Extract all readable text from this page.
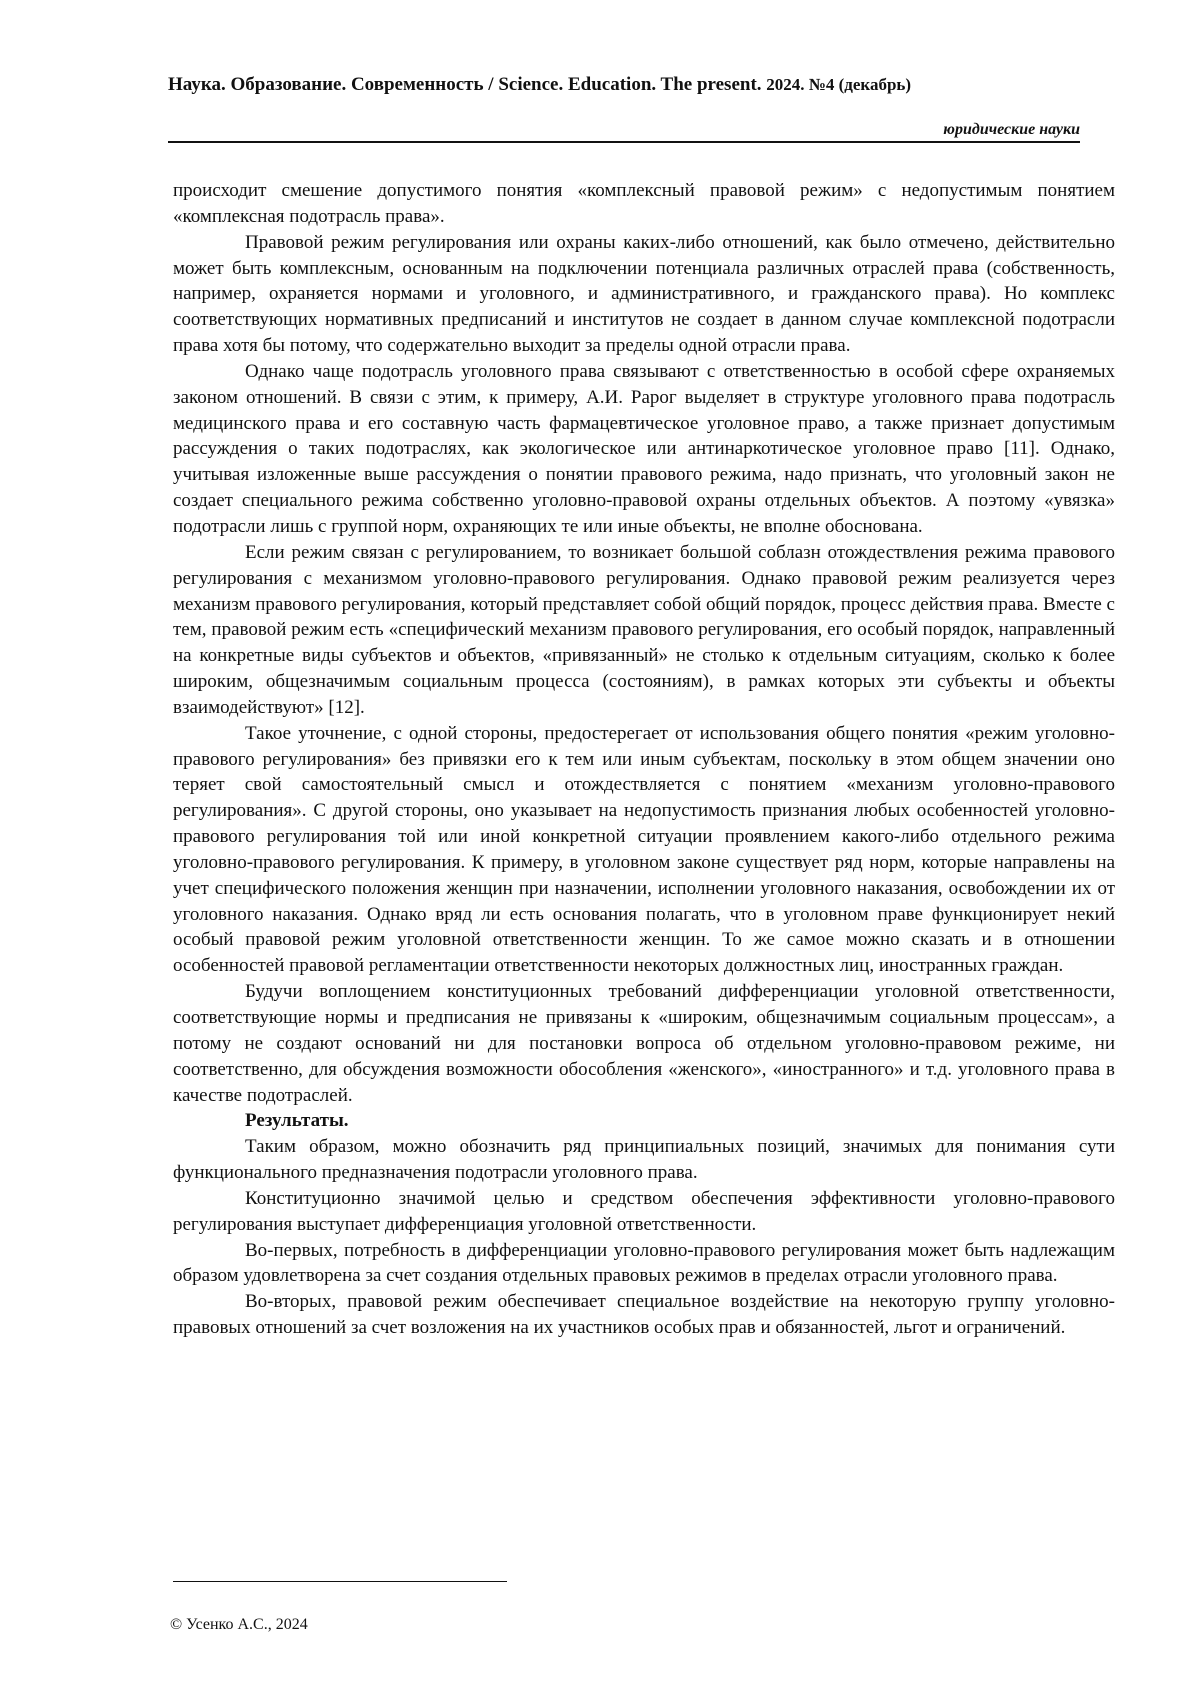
Наука. Образование. Современность / Science. Education. The present. 2024. №4 (декабрь)
юридические науки

происходит смешение допустимого понятия «комплексный правовой режим» с недопустимым понятием «комплексная подотрасль права».

Правовой режим регулирования или охраны каких-либо отношений, как было отмечено, действительно может быть комплексным, основанным на подключении потенциала различных отраслей права (собственность, например, охраняется нормами и уголовного, и административного, и гражданского права). Но комплекс соответствующих нормативных предписаний и институтов не создает в данном случае комплексной подотрасли права хотя бы потому, что содержательно выходит за пределы одной отрасли права.

Однако чаще подотрасль уголовного права связывают с ответственностью в особой сфере охраняемых законом отношений. В связи с этим, к примеру, А.И. Рарог выделяет в структуре уголовного права подотрасль медицинского права и его составную часть фармацевтическое уголовное право, а также признает допустимым рассуждения о таких подотраслях, как экологическое или антинаркотическое уголовное право [11]. Однако, учитывая изложенные выше рассуждения о понятии правового режима, надо признать, что уголовный закон не создает специального режима собственно уголовно-правовой охраны отдельных объектов. А поэтому «увязка» подотрасли лишь с группой норм, охраняющих те или иные объекты, не вполне обоснована.

Если режим связан с регулированием, то возникает большой соблазн отождествления режима правового регулирования с механизмом уголовно-правового регулирования. Однако правовой режим реализуется через механизм правового регулирования, который представляет собой общий порядок, процесс действия права. Вместе с тем, правовой режим есть «специфический механизм правового регулирования, его особый порядок, направленный на конкретные виды субъектов и объектов, «привязанный» не столько к отдельным ситуациям, сколько к более широким, общезначимым социальным процесса (состояниям), в рамках которых эти субъекты и объекты взаимодействуют» [12].

Такое уточнение, с одной стороны, предостерегает от использования общего понятия «режим уголовно-правового регулирования» без привязки его к тем или иным субъектам, поскольку в этом общем значении оно теряет свой самостоятельный смысл и отождествляется с понятием «механизм уголовно-правового регулирования». С другой стороны, оно указывает на недопустимость признания любых особенностей уголовно-правового регулирования той или иной конкретной ситуации проявлением какого-либо отдельного режима уголовно-правового регулирования. К примеру, в уголовном законе существует ряд норм, которые направлены на учет специфического положения женщин при назначении, исполнении уголовного наказания, освобождении их от уголовного наказания. Однако вряд ли есть основания полагать, что в уголовном праве функционирует некий особый правовой режим уголовной ответственности женщин. То же самое можно сказать и в отношении особенностей правовой регламентации ответственности некоторых должностных лиц, иностранных граждан.

Будучи воплощением конституционных требований дифференциации уголовной ответственности, соответствующие нормы и предписания не привязаны к «широким, общезначимым социальным процессам», а потому не создают оснований ни для постановки вопроса об отдельном уголовно-правовом режиме, ни соответственно, для обсуждения возможности обособления «женского», «иностранного» и т.д. уголовного права в качестве подотраслей.

Результаты.

Таким образом, можно обозначить ряд принципиальных позиций, значимых для понимания сути функционального предназначения подотрасли уголовного права.

Конституционно значимой целью и средством обеспечения эффективности уголовно-правового регулирования выступает дифференциация уголовной ответственности.

Во-первых, потребность в дифференциации уголовно-правового регулирования может быть надлежащим образом удовлетворена за счет создания отдельных правовых режимов в пределах отрасли уголовного права.

Во-вторых, правовой режим обеспечивает специальное воздействие на некоторую группу уголовно-правовых отношений за счет возложения на их участников особых прав и обязанностей, льгот и ограничений.

© Усенко А.С., 2024
